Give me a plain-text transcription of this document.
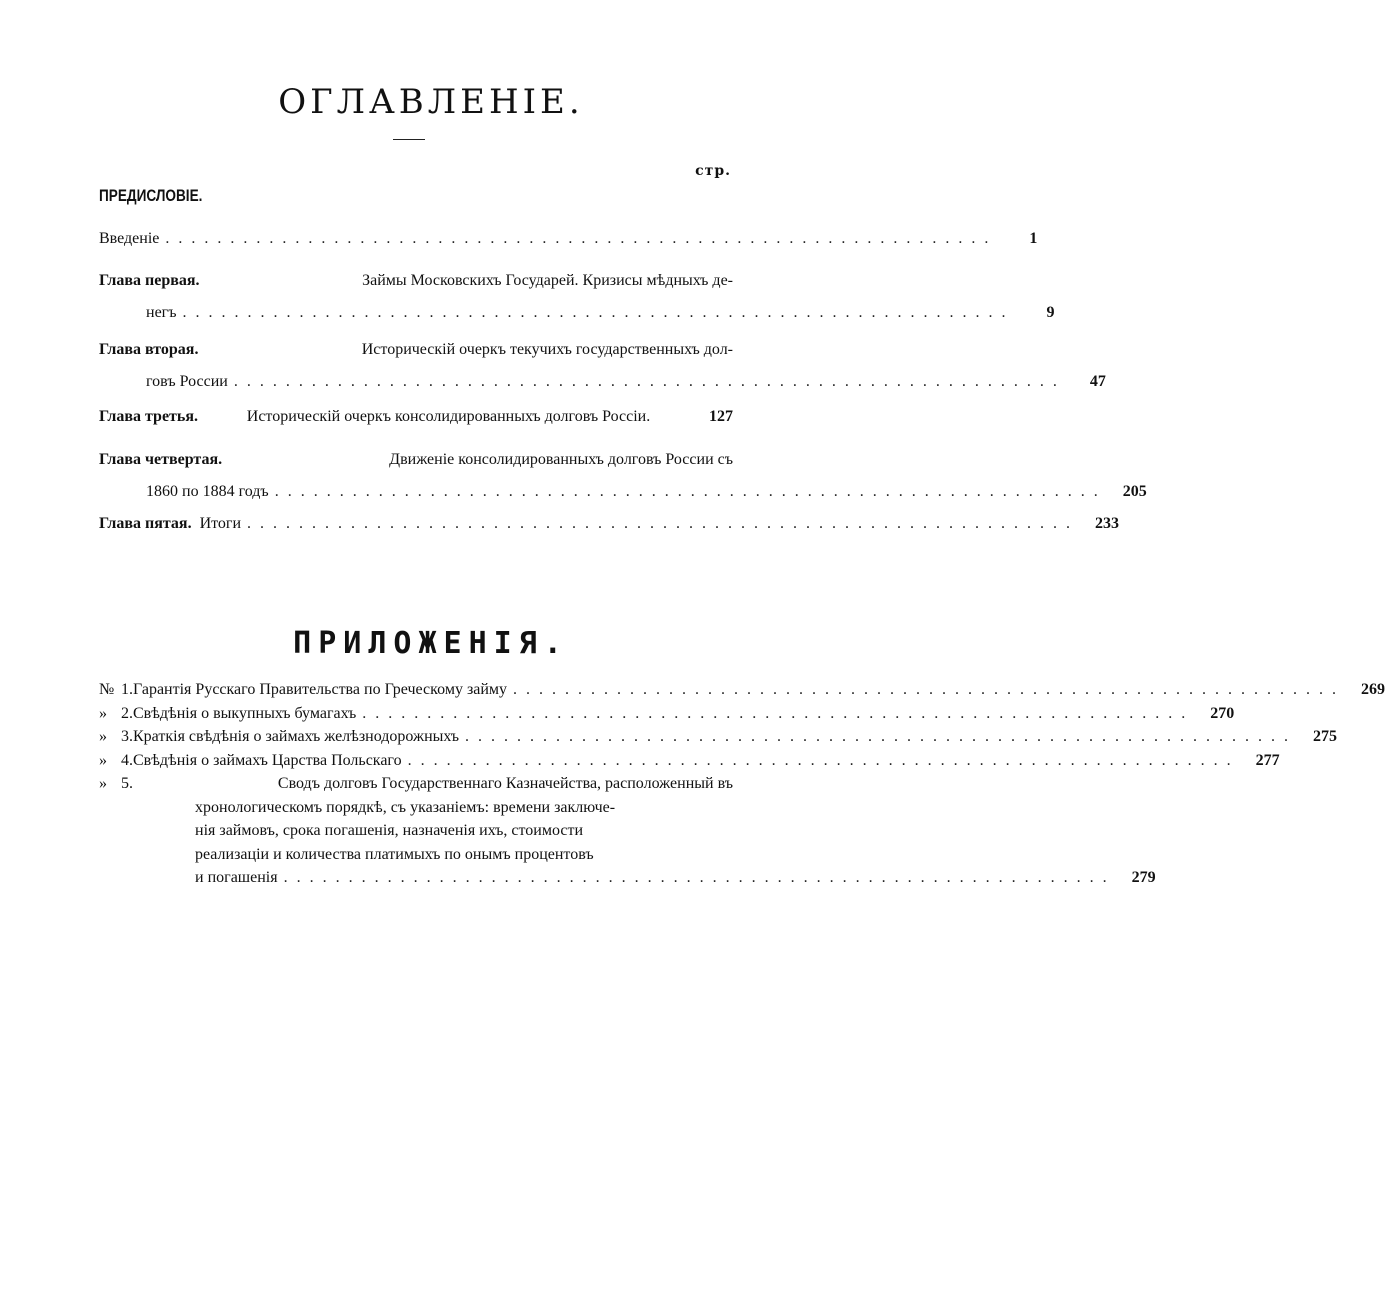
ОГЛАВЛЕНІЕ.
стр.
ПРЕДИСЛОВІЕ.
Введеніе ................................................................	1
Глава первая.	Займы Московскихъ Государей. Кризисы мѣдныхъ де-
негъ ................................................................	9
Глава вторая.	Историческій очеркъ текучихъ государственныхъ дол-
говъ России ................................................................	47
Глава третья.	Историческій очеркъ консолидированныхъ долговъ Россіи.	127
Глава четвертая.	Движеніе консолидированныхъ долговъ России съ
1860 по 1884 годъ ................................................................	205
Глава пятая. Итоги ................................................................	233
ПРИЛОЖЕНІЯ.
№ 1. Гарантія Русскаго Правительства по Греческому займу ................................................................	269
» 2. Свѣдѣнія о выкупныхъ бумагахъ ................................................................	270
» 3. Краткія свѣдѣнія о займахъ желѣзнодорожныхъ ................................................................	275
» 4. Свѣдѣнія о займахъ Царства Польскаго ................................................................	277
» 5.	Сводъ долговъ Государственнаго Казначейства, расположенный въ
хронологическомъ порядкѣ, съ указаніемъ: времени заключе-
нія займовъ, срока погашенія, назначенія ихъ, стоимости
реализаціи и количества платимыхъ по онымъ процентовъ
и погашенія ................................................................	279
